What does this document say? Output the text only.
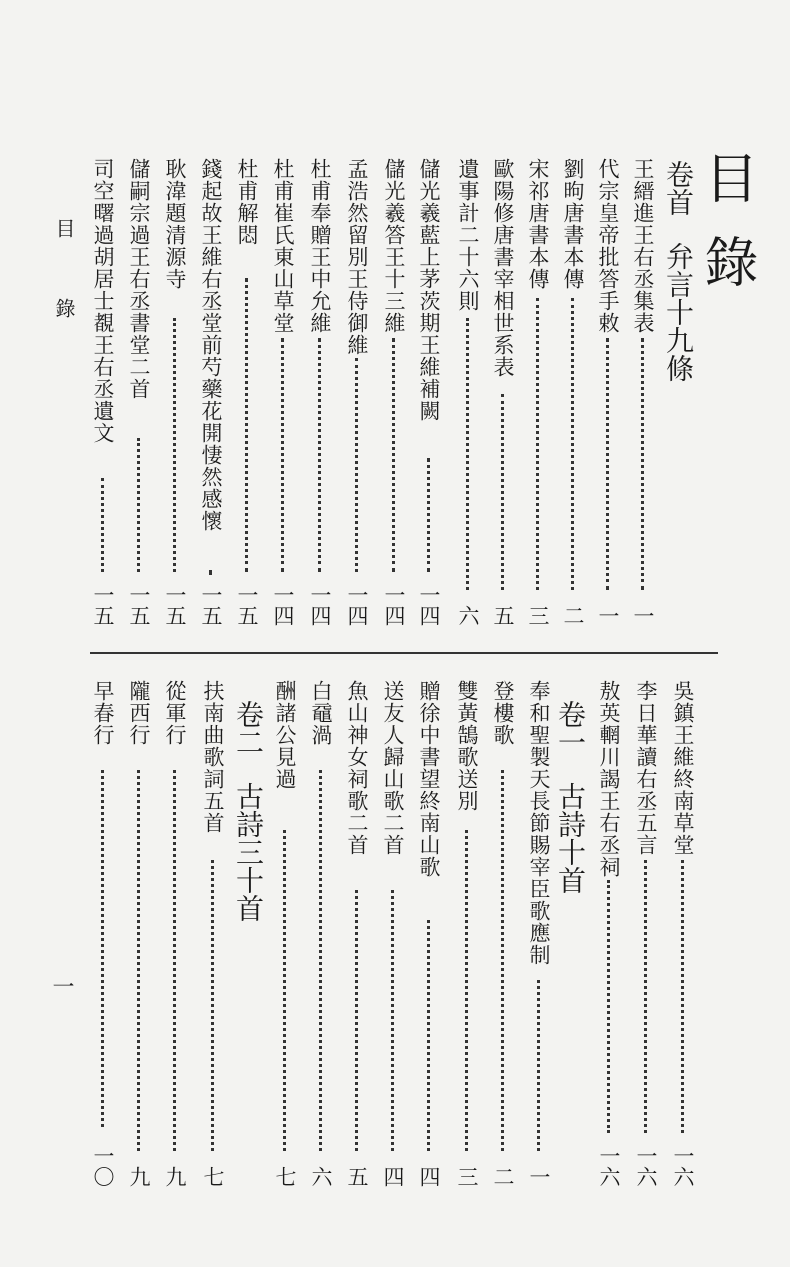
目錄
目錄
一
卷首弁言十九條
王縉進王右丞集表
一
代宗皇帝批答手敕
一
劉昫唐書本傳
二
宋祁唐書本傳
三
歐陽修唐書宰相世系表
五
遺事計二十六則
六
儲光羲藍上茅茨期王維補闕
一四
儲光羲答王十三維
一四
孟浩然留別王侍御維
一四
杜甫奉贈王中允維
一四
杜甫崔氏東山草堂
一四
杜甫解悶
一五
錢起故王維右丞堂前芍藥花開悽然感懷
一五
耿湋題清源寺
一五
儲嗣宗過王右丞書堂二首
一五
司空曙過胡居士覩王右丞遺文
一五
吳鎮王維終南草堂
一六
李日華讀右丞五言
一六
敖英輞川謁王右丞祠
一六
卷一古詩十首
奉和聖製天長節賜宰臣歌應制
一
登樓歌
二
雙黃鵠歌送別
三
贈徐中書望終南山歌
四
送友人歸山歌二首
四
魚山神女祠歌二首
五
白黿渦
六
酬諸公見過
七
卷二古詩三十首
扶南曲歌詞五首
七
從軍行
九
隴西行
九
早春行
一〇
